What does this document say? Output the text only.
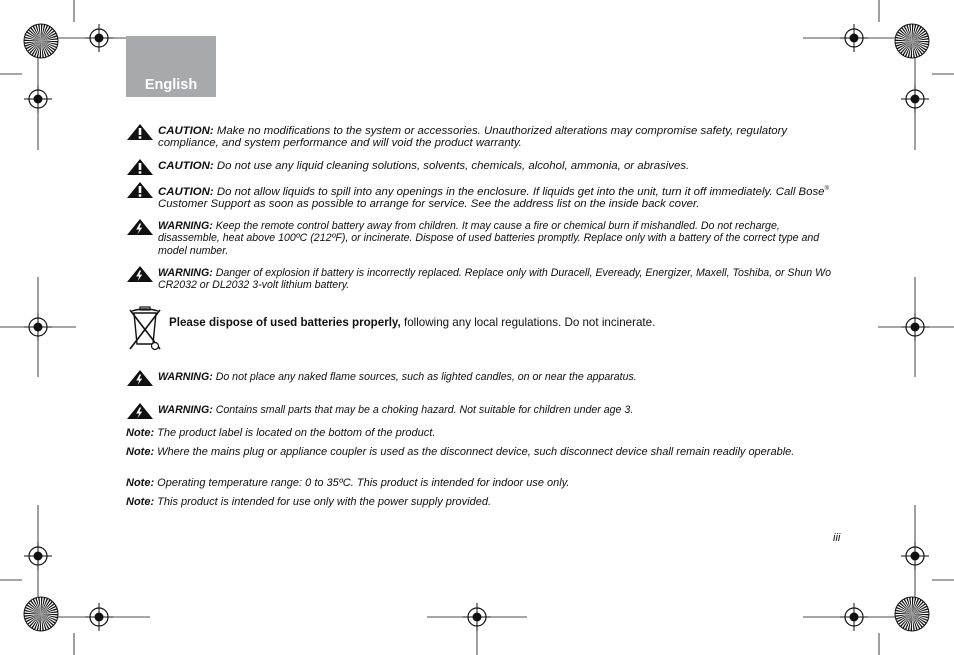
English
CAUTION: Make no modifications to the system or accessories. Unauthorized alterations may compromise safety, regulatory compliance, and system performance and will void the product warranty.
CAUTION: Do not use any liquid cleaning solutions, solvents, chemicals, alcohol, ammonia, or abrasives.
CAUTION: Do not allow liquids to spill into any openings in the enclosure. If liquids get into the unit, turn it off immediately. Call Bose® Customer Support as soon as possible to arrange for service. See the address list on the inside back cover.
WARNING: Keep the remote control battery away from children. It may cause a fire or chemical burn if mishandled. Do not recharge, disassemble, heat above 100ºC (212ºF), or incinerate. Dispose of used batteries promptly. Replace only with a battery of the correct type and model number.
WARNING: Danger of explosion if battery is incorrectly replaced. Replace only with Duracell, Eveready, Energizer, Maxell, Toshiba, or Shun Wo CR2032 or DL2032 3-volt lithium battery.
Please dispose of used batteries properly, following any local regulations. Do not incinerate.
WARNING: Do not place any naked flame sources, such as lighted candles, on or near the apparatus.
WARNING: Contains small parts that may be a choking hazard. Not suitable for children under age 3.
Note: The product label is located on the bottom of the product.
Note: Where the mains plug or appliance coupler is used as the disconnect device, such disconnect device shall remain readily operable.
Note: Operating temperature range: 0 to 35ºC. This product is intended for indoor use only.
Note: This product is intended for use only with the power supply provided.
iii
